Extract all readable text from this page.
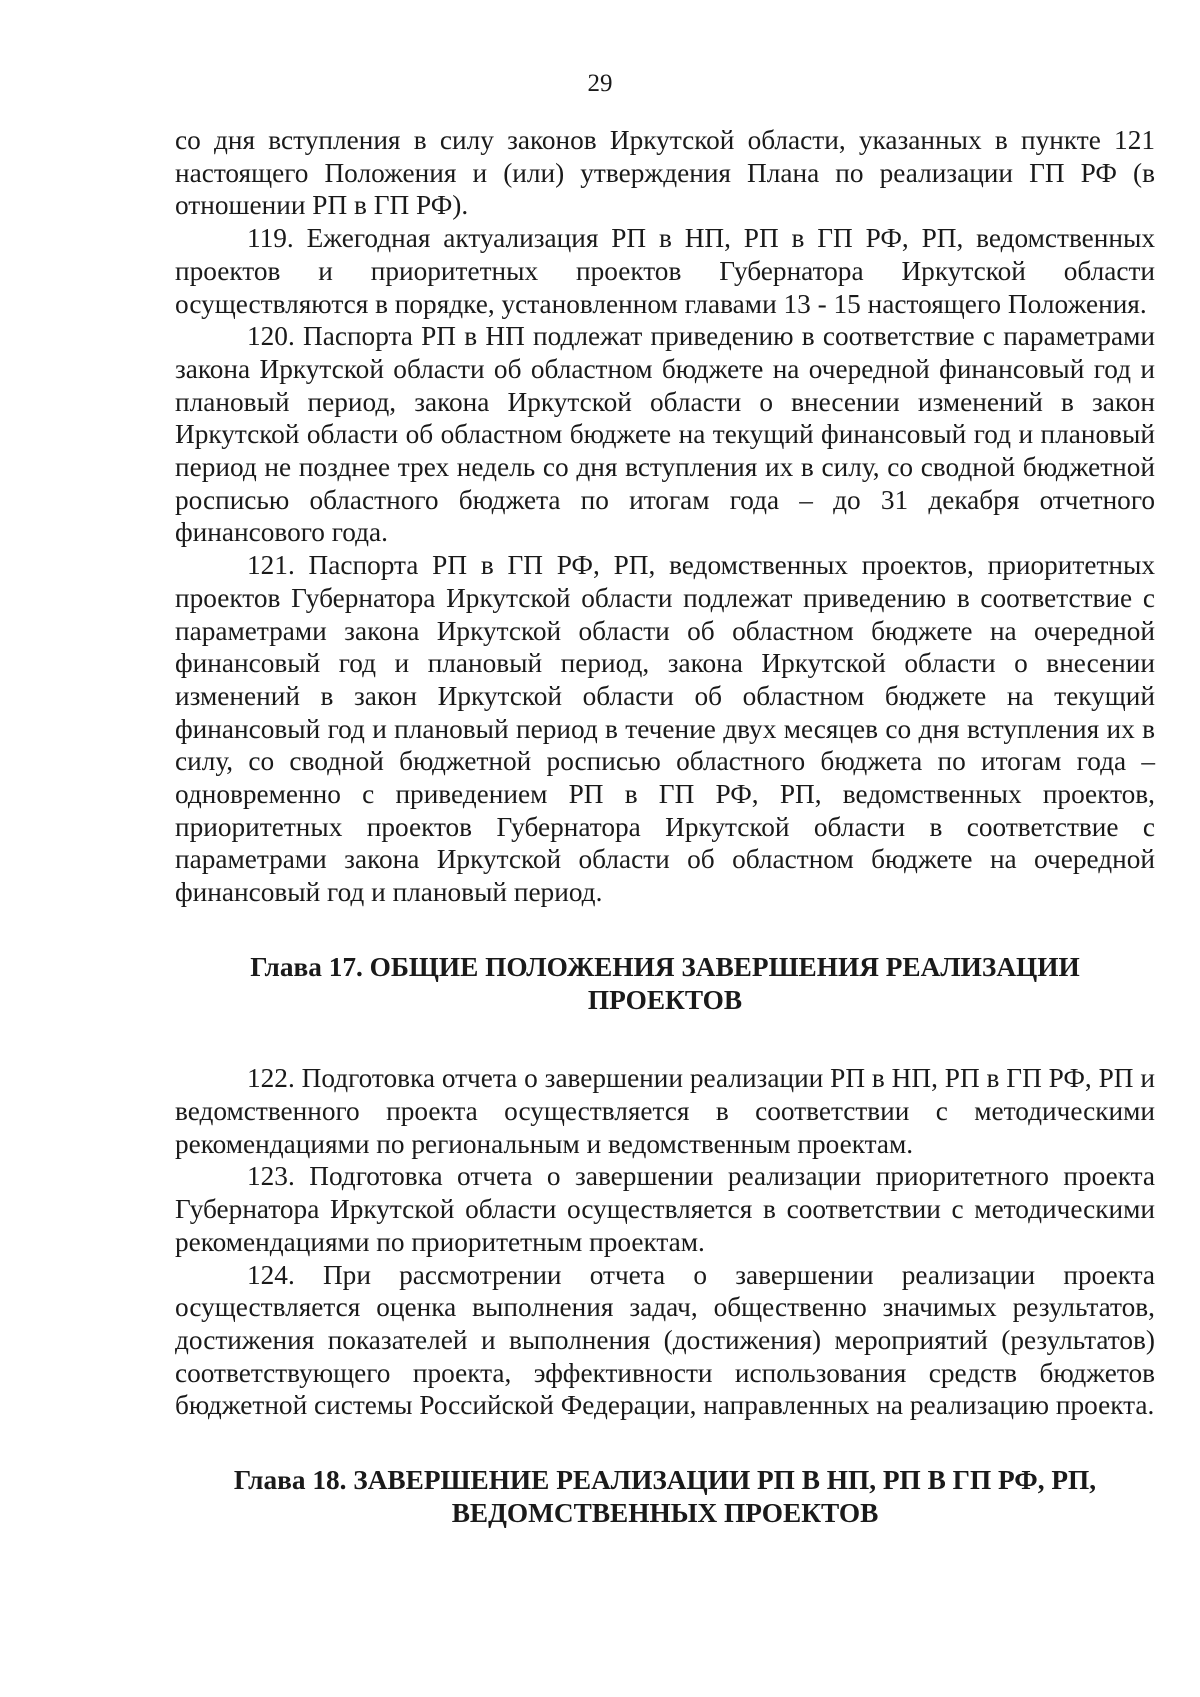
29

со дня вступления в силу законов Иркутской области, указанных в пункте 121 настоящего Положения и (или) утверждения Плана по реализации ГП РФ (в отношении РП в ГП РФ).

119. Ежегодная актуализация РП в НП, РП в ГП РФ, РП, ведомственных проектов и приоритетных проектов Губернатора Иркутской области осуществляются в порядке, установленном главами 13 - 15 настоящего Положения.

120. Паспорта РП в НП подлежат приведению в соответствие с параметрами закона Иркутской области об областном бюджете на очередной финансовый год и плановый период, закона Иркутской области о внесении изменений в закон Иркутской области об областном бюджете на текущий финансовый год и плановый период не позднее трех недель со дня вступления их в силу, со сводной бюджетной росписью областного бюджета по итогам года – до 31 декабря отчетного финансового года.

121. Паспорта РП в ГП РФ, РП, ведомственных проектов, приоритетных проектов Губернатора Иркутской области подлежат приведению в соответствие с параметрами закона Иркутской области об областном бюджете на очередной финансовый год и плановый период, закона Иркутской области о внесении изменений в закон Иркутской области об областном бюджете на текущий финансовый год и плановый период в течение двух месяцев со дня вступления их в силу, со сводной бюджетной росписью областного бюджета по итогам года – одновременно с приведением РП в ГП РФ, РП, ведомственных проектов, приоритетных проектов Губернатора Иркутской области в соответствие с параметрами закона Иркутской области об областном бюджете на очередной финансовый год и плановый период.

Глава 17. ОБЩИЕ ПОЛОЖЕНИЯ ЗАВЕРШЕНИЯ РЕАЛИЗАЦИИ
ПРОЕКТОВ

122. Подготовка отчета о завершении реализации РП в НП, РП в ГП РФ, РП и ведомственного проекта осуществляется в соответствии с методическими рекомендациями по региональным и ведомственным проектам.

123. Подготовка отчета о завершении реализации приоритетного проекта Губернатора Иркутской области осуществляется в соответствии с методическими рекомендациями по приоритетным проектам.

124. При рассмотрении отчета о завершении реализации проекта осуществляется оценка выполнения задач, общественно значимых результатов, достижения показателей и выполнения (достижения) мероприятий (результатов) соответствующего проекта, эффективности использования средств бюджетов бюджетной системы Российской Федерации, направленных на реализацию проекта.

Глава 18. ЗАВЕРШЕНИЕ РЕАЛИЗАЦИИ РП В НП, РП В ГП РФ, РП,
ВЕДОМСТВЕННЫХ ПРОЕКТОВ
